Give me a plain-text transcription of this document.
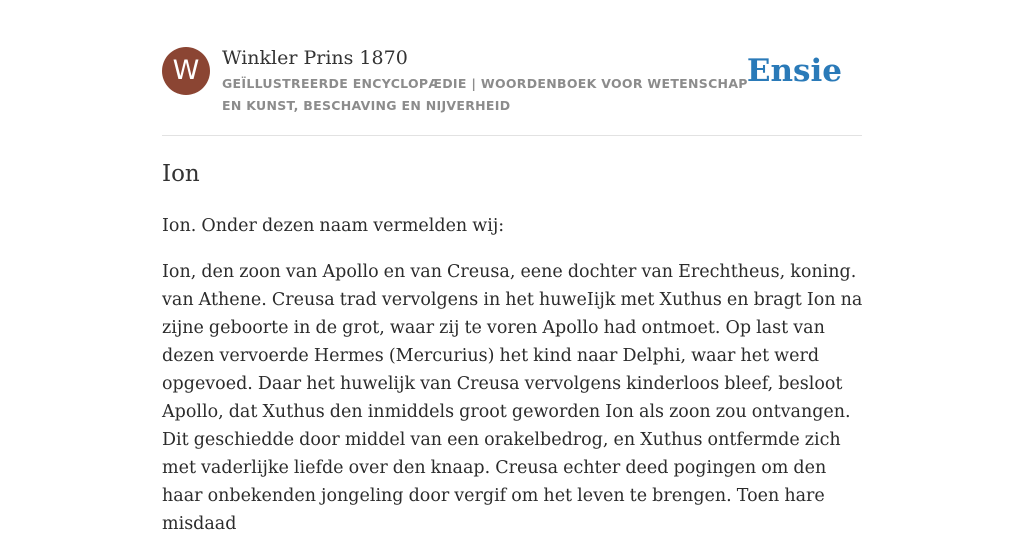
W	Winkler Prins 1870
GEÏLLUSTREERDE ENCYCLOPÆDIE | WOORDENBOEK VOOR WETENSCHAP EN KUNST, BESCHAVING EN NIJVERHEID
Ensie
Ion

Ion. Onder dezen naam vermelden wij:

Ion, den zoon van Apollo en van Creusa, eene dochter van Erechtheus, koning. van Athene. Creusa trad vervolgens in het huweIijk met Xuthus en bragt Ion na zijne geboorte in de grot, waar zij te voren Apollo had ontmoet. Op last van dezen vervoerde Hermes (Mercurius) het kind naar Delphi, waar het werd opgevoed. Daar het huwelijk van Creusa vervolgens kinderloos bleef, besloot Apollo, dat Xuthus den inmiddels groot geworden Ion als zoon zou ontvangen. Dit geschiedde door middel van een orakelbedrog, en Xuthus ontfermde zich met vaderlijke liefde over den knaap. Creusa echter deed pogingen om den haar onbekenden jongeling door vergif om het leven te brengen. Toen hare misdaad
